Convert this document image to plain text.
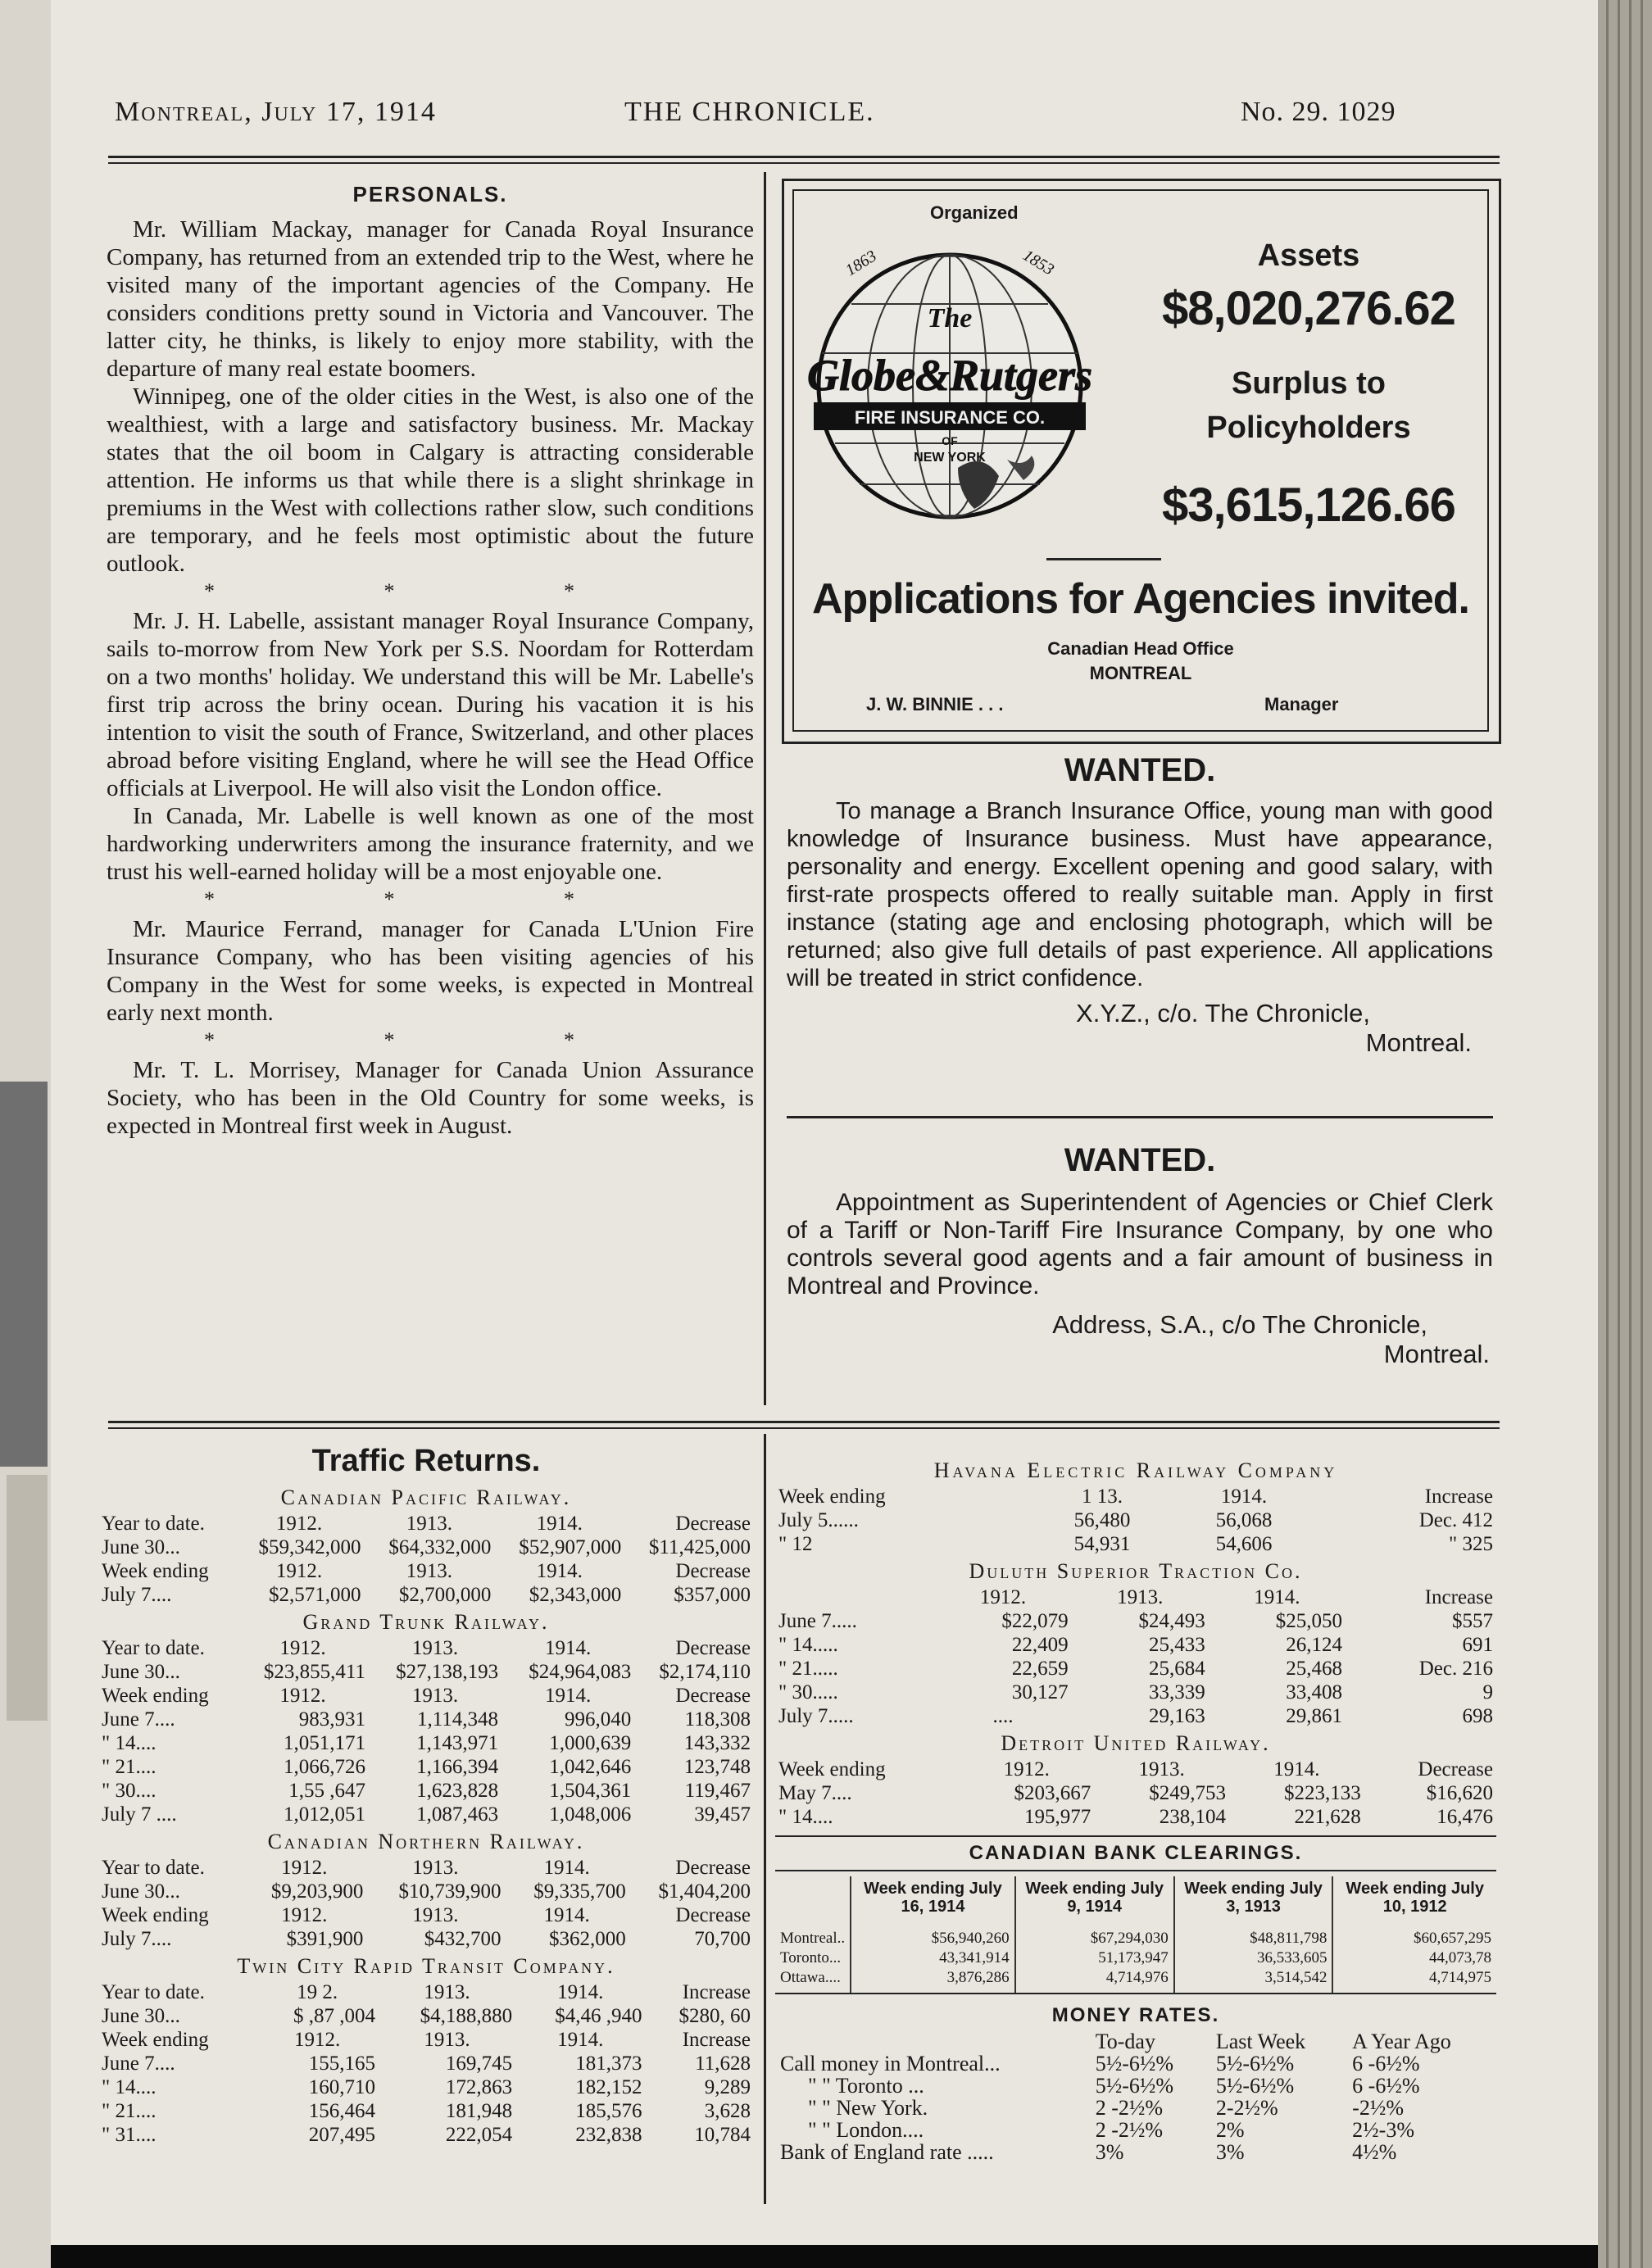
Montreal, July 17, 1914	THE CHRONICLE.	No. 29. 1029
PERSONALS.

Mr. William Mackay, manager for Canada Royal Insurance Company, has returned from an extended trip to the West, where he visited many of the important agencies of the Company. He considers conditions pretty sound in Victoria and Vancouver. The latter city, he thinks, is likely to enjoy more stability, with the departure of many real estate boomers.

Winnipeg, one of the older cities in the West, is also one of the wealthiest, with a large and satisfactory business. Mr. Mackay states that the oil boom in Calgary is attracting considerable attention. He informs us that while there is a slight shrinkage in premiums in the West with collections rather slow, such conditions are temporary, and he feels most optimistic about the future outlook.

* * *

Mr. J. H. Labelle, assistant manager Royal Insurance Company, sails to-morrow from New York per S.S. Noordam for Rotterdam on a two months' holiday. We understand this will be Mr. Labelle's first trip across the briny ocean. During his vacation it is his intention to visit the south of France, Switzerland, and other places abroad before visiting England, where he will see the Head Office officials at Liverpool. He will also visit the London office.

In Canada, Mr. Labelle is well known as one of the most hardworking underwriters among the insurance fraternity, and we trust his well-earned holiday will be a most enjoyable one.

* * *

Mr. Maurice Ferrand, manager for Canada L'Union Fire Insurance Company, who has been visiting agencies of his Company in the West for some weeks, is expected in Montreal early next month.

* * *

Mr. T. L. Morrisey, Manager for Canada Union Assurance Society, who has been in the Old Country for some weeks, is expected in Montreal first week in August.

Organized
FIRE INSURANCE CO.
OF
NEW YORK
The
Globe&Rutgers
1863	1853	Assets
$8,020,276.62
Surplus to
Policyholders
$3,615,126.66
Applications for Agencies invited.
Canadian Head Office
MONTREAL
J. W. BINNIE . . .	Manager
WANTED.

To manage a Branch Insurance Office, young man with good knowledge of Insurance business. Must have appearance, personality and energy. Excellent opening and good salary, with first-rate prospects offered to really suitable man. Apply in first instance (stating age and enclosing photograph, which will be returned; also give full details of past experience. All applications will be treated in strict confidence.

X.Y.Z., c/o. The Chronicle,
Montreal.
WANTED.

Appointment as Superintendent of Agencies or Chief Clerk of a Tariff or Non-Tariff Fire Insurance Company, by one who controls several good agents and a fair amount of business in Montreal and Province.

Address, S.A., c/o The Chronicle,
Montreal.
Traffic Returns.
Canadian Pacific Railway.
Year to date.	1912.	1913.	1914.	Decrease
June 30...	$59,342,000	$64,332,000	$52,907,000	$11,425,000
Week ending	1912.	1913.	1914.	Decrease
July 7....	$2,571,000	$2,700,000	$2,343,000	$357,000
Grand Trunk Railway.
Year to date.	1912.	1913.	1914.	Decrease
June 30...	$23,855,411	$27,138,193	$24,964,083	$2,174,110
Week ending	1912.	1913.	1914.	Decrease
June 7....	983,931	1,114,348	996,040	118,308
" 14....	1,051,171	1,143,971	1,000,639	143,332
" 21....	1,066,726	1,166,394	1,042,646	123,748
" 30....	1,55 ,647	1,623,828	1,504,361	119,467
July 7 ....	1,012,051	1,087,463	1,048,006	39,457
Canadian Northern Railway.
Year to date.	1912.	1913.	1914.	Decrease
June 30...	$9,203,900	$10,739,900	$9,335,700	$1,404,200
Week ending	1912.	1913.	1914.	Decrease
July 7....	$391,900	$432,700	$362,000	70,700
Twin City Rapid Transit Company.
Year to date.	19 2.	1913.	1914.	Increase
June 30...	$ ,87 ,004	$4,188,880	$4,46 ,940	$280, 60
Week ending	1912.	1913.	1914.	Increase
June 7....	155,165	169,745	181,373	11,628
" 14....	160,710	172,863	182,152	9,289
" 21....	156,464	181,948	185,576	3,628
" 31....	207,495	222,054	232,838	10,784
Havana Electric Railway Company
Week ending	1 13.	1914.	Increase
July 5......	56,480	56,068	Dec. 412
" 12	54,931	54,606	" 325
Duluth Superior Traction Co.
	1912.	1913.	1914.	Increase
June 7.....	$22,079	$24,493	$25,050	$557
" 14.....	22,409	25,433	26,124	691
" 21.....	22,659	25,684	25,468	Dec. 216
" 30.....	30,127	33,339	33,408	9
July 7.....	....	29,163	29,861	698
Detroit United Railway.
Week ending	1912.	1913.	1914.	Decrease
May 7....	$203,667	$249,753	$223,133	$16,620
" 14....	195,977	238,104	221,628	16,476
CANADIAN BANK CLEARINGS.
	Week ending July 16, 1914	Week ending July 9, 1914	Week ending July 3, 1913	Week ending July 10, 1912
Montreal..	$56,940,260	$67,294,030	$48,811,798	$60,657,295
Toronto...	43,341,914	51,173,947	36,533,605	44,073,78
Ottawa....	3,876,286	4,714,976	3,514,542	4,714,975
MONEY RATES.
	To-day	Last Week	A Year Ago
Call money in Montreal...	5½-6½%	5½-6½%	6 -6½%
" " Toronto ...	5½-6½%	5½-6½%	6 -6½%
" " New York.	2 -2½%	2-2½%	-2½%
" " London....	2 -2½%	2%	2½-3%
Bank of England rate .....	3%	3%	4½%
